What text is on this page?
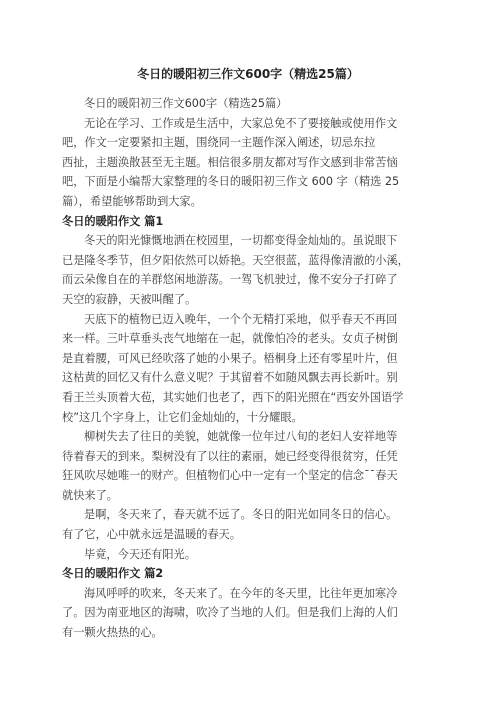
冬日的暖阳初三作文600字（精选25篇）
冬日的暖阳初三作文600字（精选25篇）
无论在学习、工作或是生活中，大家总免不了要接触或使用作文
吧，作文一定要紧扣主题，围绕同一主题作深入阐述，切忌东拉
西扯，主题涣散甚至无主题。相信很多朋友都对写作文感到非常苦恼
吧，下面是小编帮大家整理的冬日的暖阳初三作文 600 字（精选 25
篇），希望能够帮助到大家。
冬日的暖阳作文 篇1
冬天的阳光慷慨地洒在校园里，一切都变得金灿灿的。虽说眼下
已是隆冬季节，但夕阳依然可以娇艳。天空很蓝，蓝得像清澈的小溪，
而云朵像自在的羊群悠闲地游荡。一驾飞机驶过，像不安分子打碎了
天空的寂静，天被叫醒了。
天底下的植物已迈入晚年，一个个无精打采地，似乎春天不再回
来一样。三叶草垂头丧气地缩在一起，就像怕冷的老头。女贞子树倒
是直着腰，可风已经吹落了她的小果子。梧桐身上还有零星叶片，但
这枯黄的回忆又有什么意义呢？于其留着不如随风飘去再长新叶。别
看王兰头顶着大苞，其实她们也老了，西下的阳光照在“西安外国语学
校”这几个字身上，让它们金灿灿的，十分耀眼。
柳树失去了往日的美貌，她就像一位年过八旬的老妇人安祥地等
待着春天的到来。梨树没有了以往的素丽，她已经变得很贫穷，任凭
狂风吹尽她唯一的财产。但植物们心中一定有一个坚定的信念¯¯春天
就快来了。
是啊，冬天来了，春天就不远了。冬日的阳光如同冬日的信心。
有了它，心中就永远是温暖的春天。
毕竟，今天还有阳光。
冬日的暖阳作文 篇2
海风呼呼的吹来，冬天来了。在今年的冬天里，比往年更加寒冷
了。因为南亚地区的海啸，吹冷了当地的人们。但是我们上海的人们
有一颗火热热的心。
